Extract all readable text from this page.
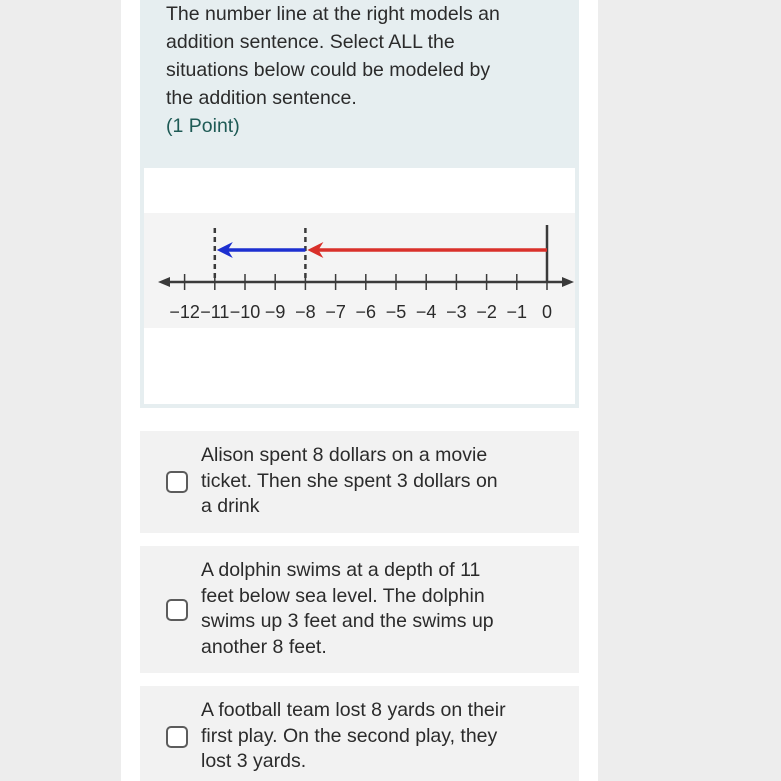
The number line at the right models an
addition sentence. Select ALL the
situations below could be modeled by
the addition sentence.
(1 Point)
−12 −11 −10 −9 −8 −7 −6 −5 −4 −3 −2 −1 0
Alison spent 8 dollars on a movie
ticket. Then she spent 3 dollars on
a drink
A dolphin swims at a depth of 11
feet below sea level. The dolphin
swims up 3 feet and the swims up
another 8 feet.
A football team lost 8 yards on their
first play. On the second play, they
lost 3 yards.
